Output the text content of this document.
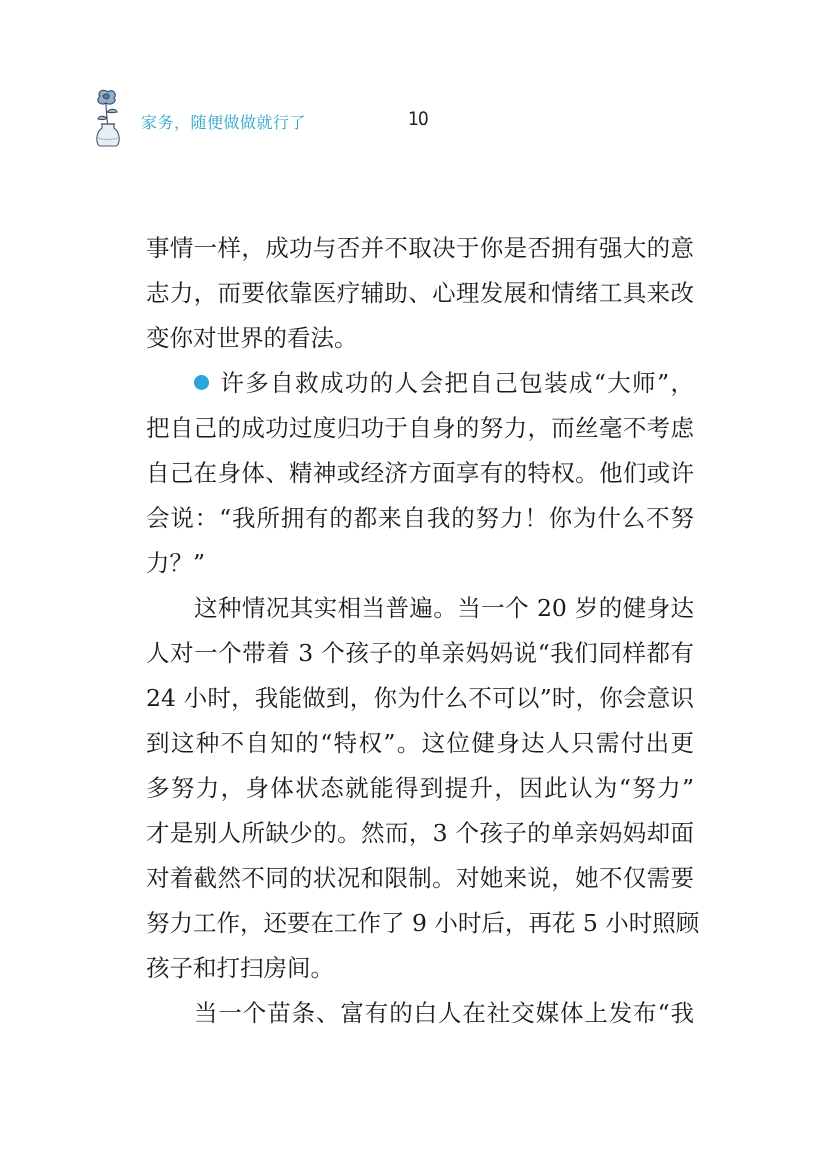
家务，随便做做就行了	10
事情一样，成功与否并不取决于你是否拥有强大的意
志力，而要依靠医疗辅助、心理发展和情绪工具来改
变你对世界的看法。
许多自救成功的人会把自己包装成“大师”，
把自己的成功过度归功于自身的努力，而丝毫不考虑
自己在身体、精神或经济方面享有的特权。他们或许
会说：“我所拥有的都来自我的努力！你为什么不努
力？”
这种情况其实相当普遍。当一个 20 岁的健身达
人对一个带着 3 个孩子的单亲妈妈说“我们同样都有
24 小时，我能做到，你为什么不可以”时，你会意识
到这种不自知的“特权”。这位健身达人只需付出更
多努力，身体状态就能得到提升，因此认为“努力”
才是别人所缺少的。然而，3 个孩子的单亲妈妈却面
对着截然不同的状况和限制。对她来说，她不仅需要
努力工作，还要在工作了 9 小时后，再花 5 小时照顾
孩子和打扫房间。
当一个苗条、富有的白人在社交媒体上发布“我
